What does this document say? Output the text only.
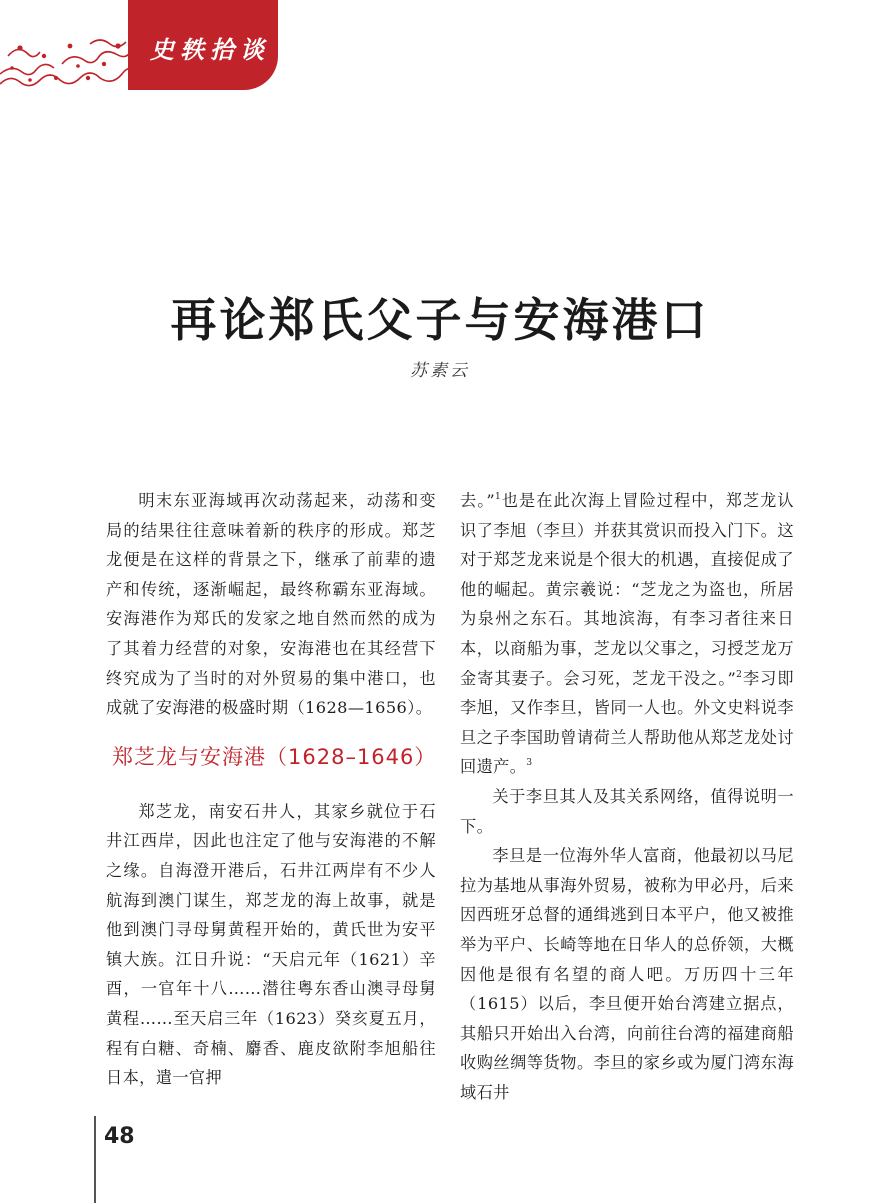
史轶拾谈
再论郑氏父子与安海港口
苏素云

明末东亚海域再次动荡起来，动荡和变局的结果往往意味着新的秩序的形成。郑芝龙便是在这样的背景之下，继承了前辈的遗产和传统，逐渐崛起，最终称霸东亚海域。安海港作为郑氏的发家之地自然而然的成为了其着力经营的对象，安海港也在其经营下终究成为了当时的对外贸易的集中港口，也成就了安海港的极盛时期（1628—1656）。

郑芝龙与安海港（1628–1646）

郑芝龙，南安石井人，其家乡就位于石井江西岸，因此也注定了他与安海港的不解之缘。自海澄开港后，石井江两岸有不少人航海到澳门谋生，郑芝龙的海上故事，就是他到澳门寻母舅黄程开始的，黄氏世为安平镇大族。江日升说：“天启元年（1621）辛酉，一官年十八……潜往粤东香山澳寻母舅黄程……至天启三年（1623）癸亥夏五月，程有白糖、奇楠、麝香、鹿皮欲附李旭船往日本，遣一官押

去。”$^1$也是在此次海上冒险过程中，郑芝龙认识了李旭（李旦）并获其赏识而投入门下。这对于郑芝龙来说是个很大的机遇，直接促成了他的崛起。黄宗羲说：“芝龙之为盗也，所居为泉州之东石。其地滨海，有李习者往来日本，以商船为事，芝龙以父事之，习授芝龙万金寄其妻子。会习死，芝龙干没之。”$^2$李习即李旭，又作李旦，皆同一人也。外文史料说李旦之子李国助曾请荷兰人帮助他从郑芝龙处讨回遗产。$^3$

关于李旦其人及其关系网络，值得说明一下。

李旦是一位海外华人富商，他最初以马尼拉为基地从事海外贸易，被称为甲必丹，后来因西班牙总督的通缉逃到日本平户，他又被推举为平户、长崎等地在日华人的总侨领，大概因他是很有名望的商人吧。万历四十三年（1615）以后，李旦便开始台湾建立据点，其船只开始出入台湾，向前往台湾的福建商船收购丝绸等货物。李旦的家乡或为厦门湾东海域石井

48
